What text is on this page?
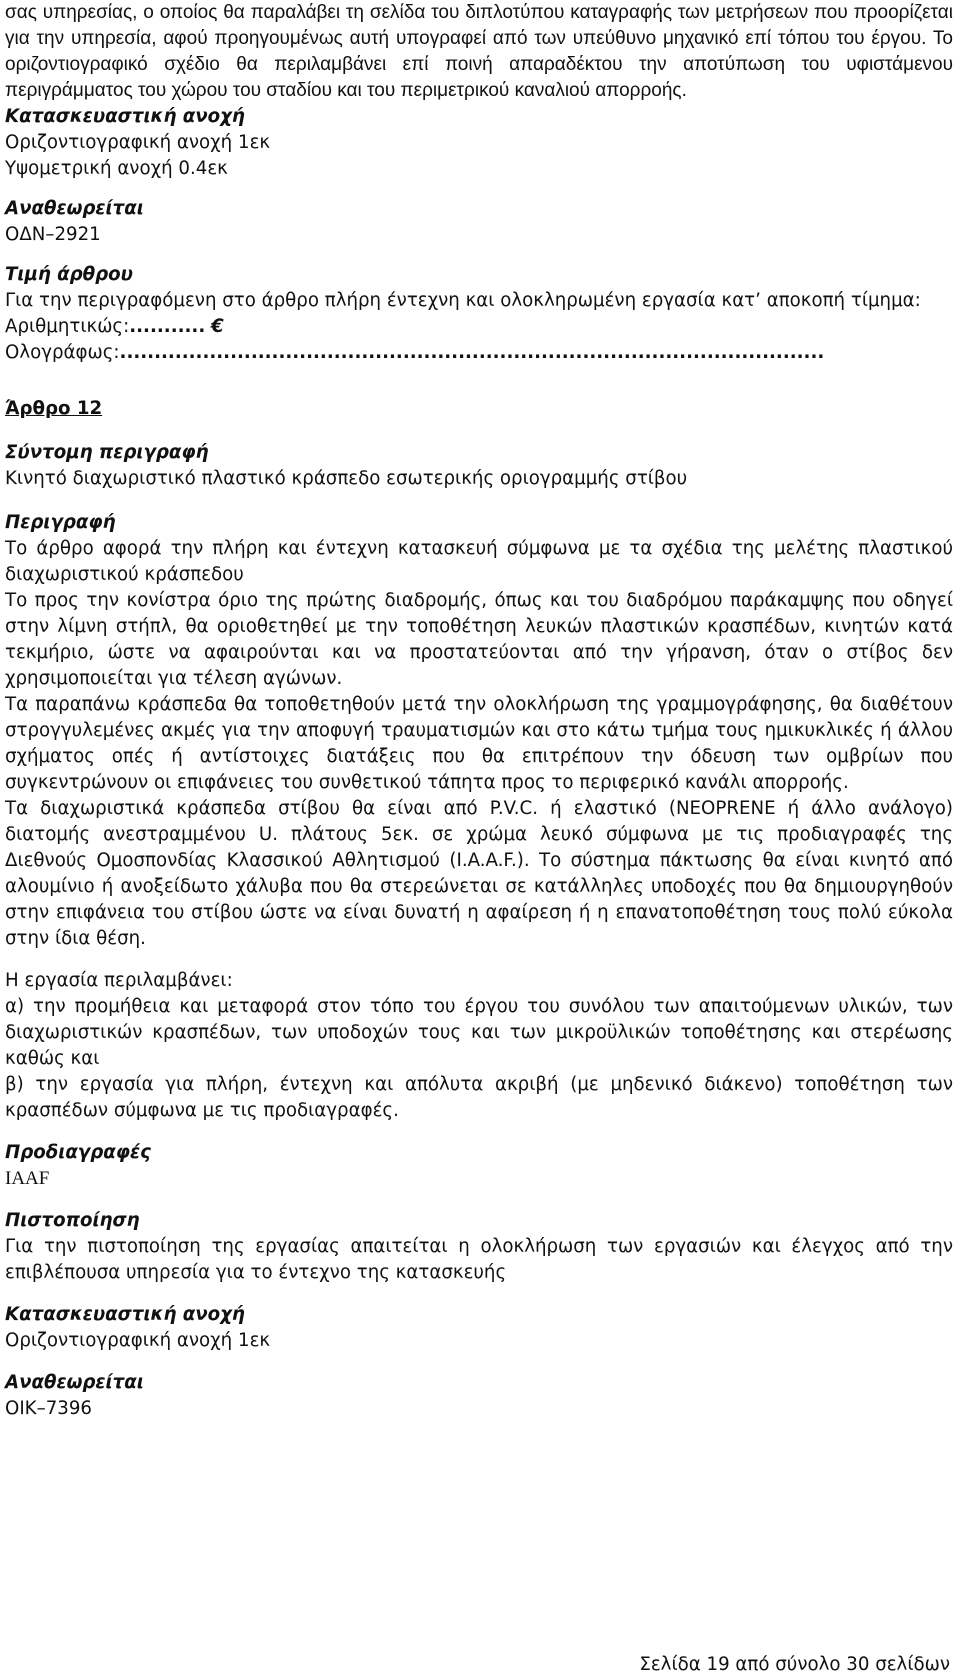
σας υπηρεσίας, ο οποίος θα παραλάβει τη σελίδα του διπλοτύπου καταγραφής των μετρήσεων που προορίζεται για την υπηρεσία, αφού προηγουμένως αυτή υπογραφεί από των υπεύθυνο μηχανικό επί τόπου του έργου. Το οριζοντιογραφικό σχέδιο θα περιλαμβάνει επί ποινή απαραδέκτου την αποτύπωση του υφιστάμενου περιγράμματος του χώρου του σταδίου και του περιμετρικού καναλιού απορροής.

Κατασκευαστική ανοχή

Οριζοντιογραφική ανοχή 1εκ

Υψομετρική ανοχή 0.4εκ

Αναθεωρείται

ΟΔΝ–2921

Τιμή άρθρου

Για την περιγραφόμενη στο άρθρο πλήρη έντεχνη και ολοκληρωμένη εργασία κατ’ αποκοπή τίμημα:

Αριθμητικώς:........... €

Ολογράφως:......................................................................................................

Άρθρο 12

Σύντομη περιγραφή

Κινητό διαχωριστικό πλαστικό κράσπεδο εσωτερικής οριογραμμής στίβου

Περιγραφή

Το άρθρο αφορά την πλήρη και έντεχνη κατασκευή σύμφωνα με τα σχέδια της μελέτης πλαστικού διαχωριστικού κράσπεδου

Το προς την κονίστρα όριο της πρώτης διαδρομής, όπως και του διαδρόμου παράκαμψης που οδηγεί στην λίμνη στήπλ, θα οριοθετηθεί με την τοποθέτηση λευκών πλαστικών κρασπέδων, κινητών κατά τεκμήριο, ώστε να αφαιρούνται και να προστατεύονται από την γήρανση, όταν ο στίβος δεν χρησιμοποιείται για τέλεση αγώνων.

Τα παραπάνω κράσπεδα θα τοποθετηθούν μετά την ολοκλήρωση της γραμμογράφησης, θα διαθέτουν στρογγυλεμένες ακμές για την αποφυγή τραυματισμών και στο κάτω τμήμα τους ημικυκλικές ή άλλου σχήματος οπές ή αντίστοιχες διατάξεις που θα επιτρέπουν την όδευση των ομβρίων που συγκεντρώνουν οι επιφάνειες του συνθετικού τάπητα προς το περιφερικό κανάλι απορροής.

Τα διαχωριστικά κράσπεδα στίβου θα είναι από P.V.C. ή ελαστικό (NEOPRENE ή άλλο ανάλογο) διατομής ανεστραμμένου U. πλάτους 5εκ. σε χρώμα λευκό σύμφωνα με τις προδιαγραφές της Διεθνούς Ομοσπονδίας Κλασσικού Αθλητισμού (I.A.A.F.). Το σύστημα πάκτωσης θα είναι κινητό από αλουμίνιο ή ανοξείδωτο χάλυβα που θα στερεώνεται σε κατάλληλες υποδοχές που θα δημιουργηθούν στην επιφάνεια του στίβου ώστε να είναι δυνατή η αφαίρεση ή η επανατοποθέτηση τους πολύ εύκολα στην ίδια θέση.

Η εργασία περιλαμβάνει:

α) την προμήθεια και μεταφορά στον τόπο του έργου του συνόλου των απαιτούμενων υλικών, των διαχωριστικών κρασπέδων, των υποδοχών τους και των μικροϋλικών τοποθέτησης και στερέωσης καθώς και

β) την εργασία για πλήρη, έντεχνη και απόλυτα ακριβή (με μηδενικό διάκενο) τοποθέτηση των κρασπέδων σύμφωνα με τις προδιαγραφές.

Προδιαγραφές

IAAF

Πιστοποίηση

Για την πιστοποίηση της εργασίας απαιτείται η ολοκλήρωση των εργασιών και έλεγχος από την επιβλέπουσα υπηρεσία για το έντεχνο της κατασκευής

Κατασκευαστική ανοχή

Οριζοντιογραφική ανοχή 1εκ

Αναθεωρείται

ΟΙΚ–7396

Σελίδα 19 από σύνολο 30 σελίδων
